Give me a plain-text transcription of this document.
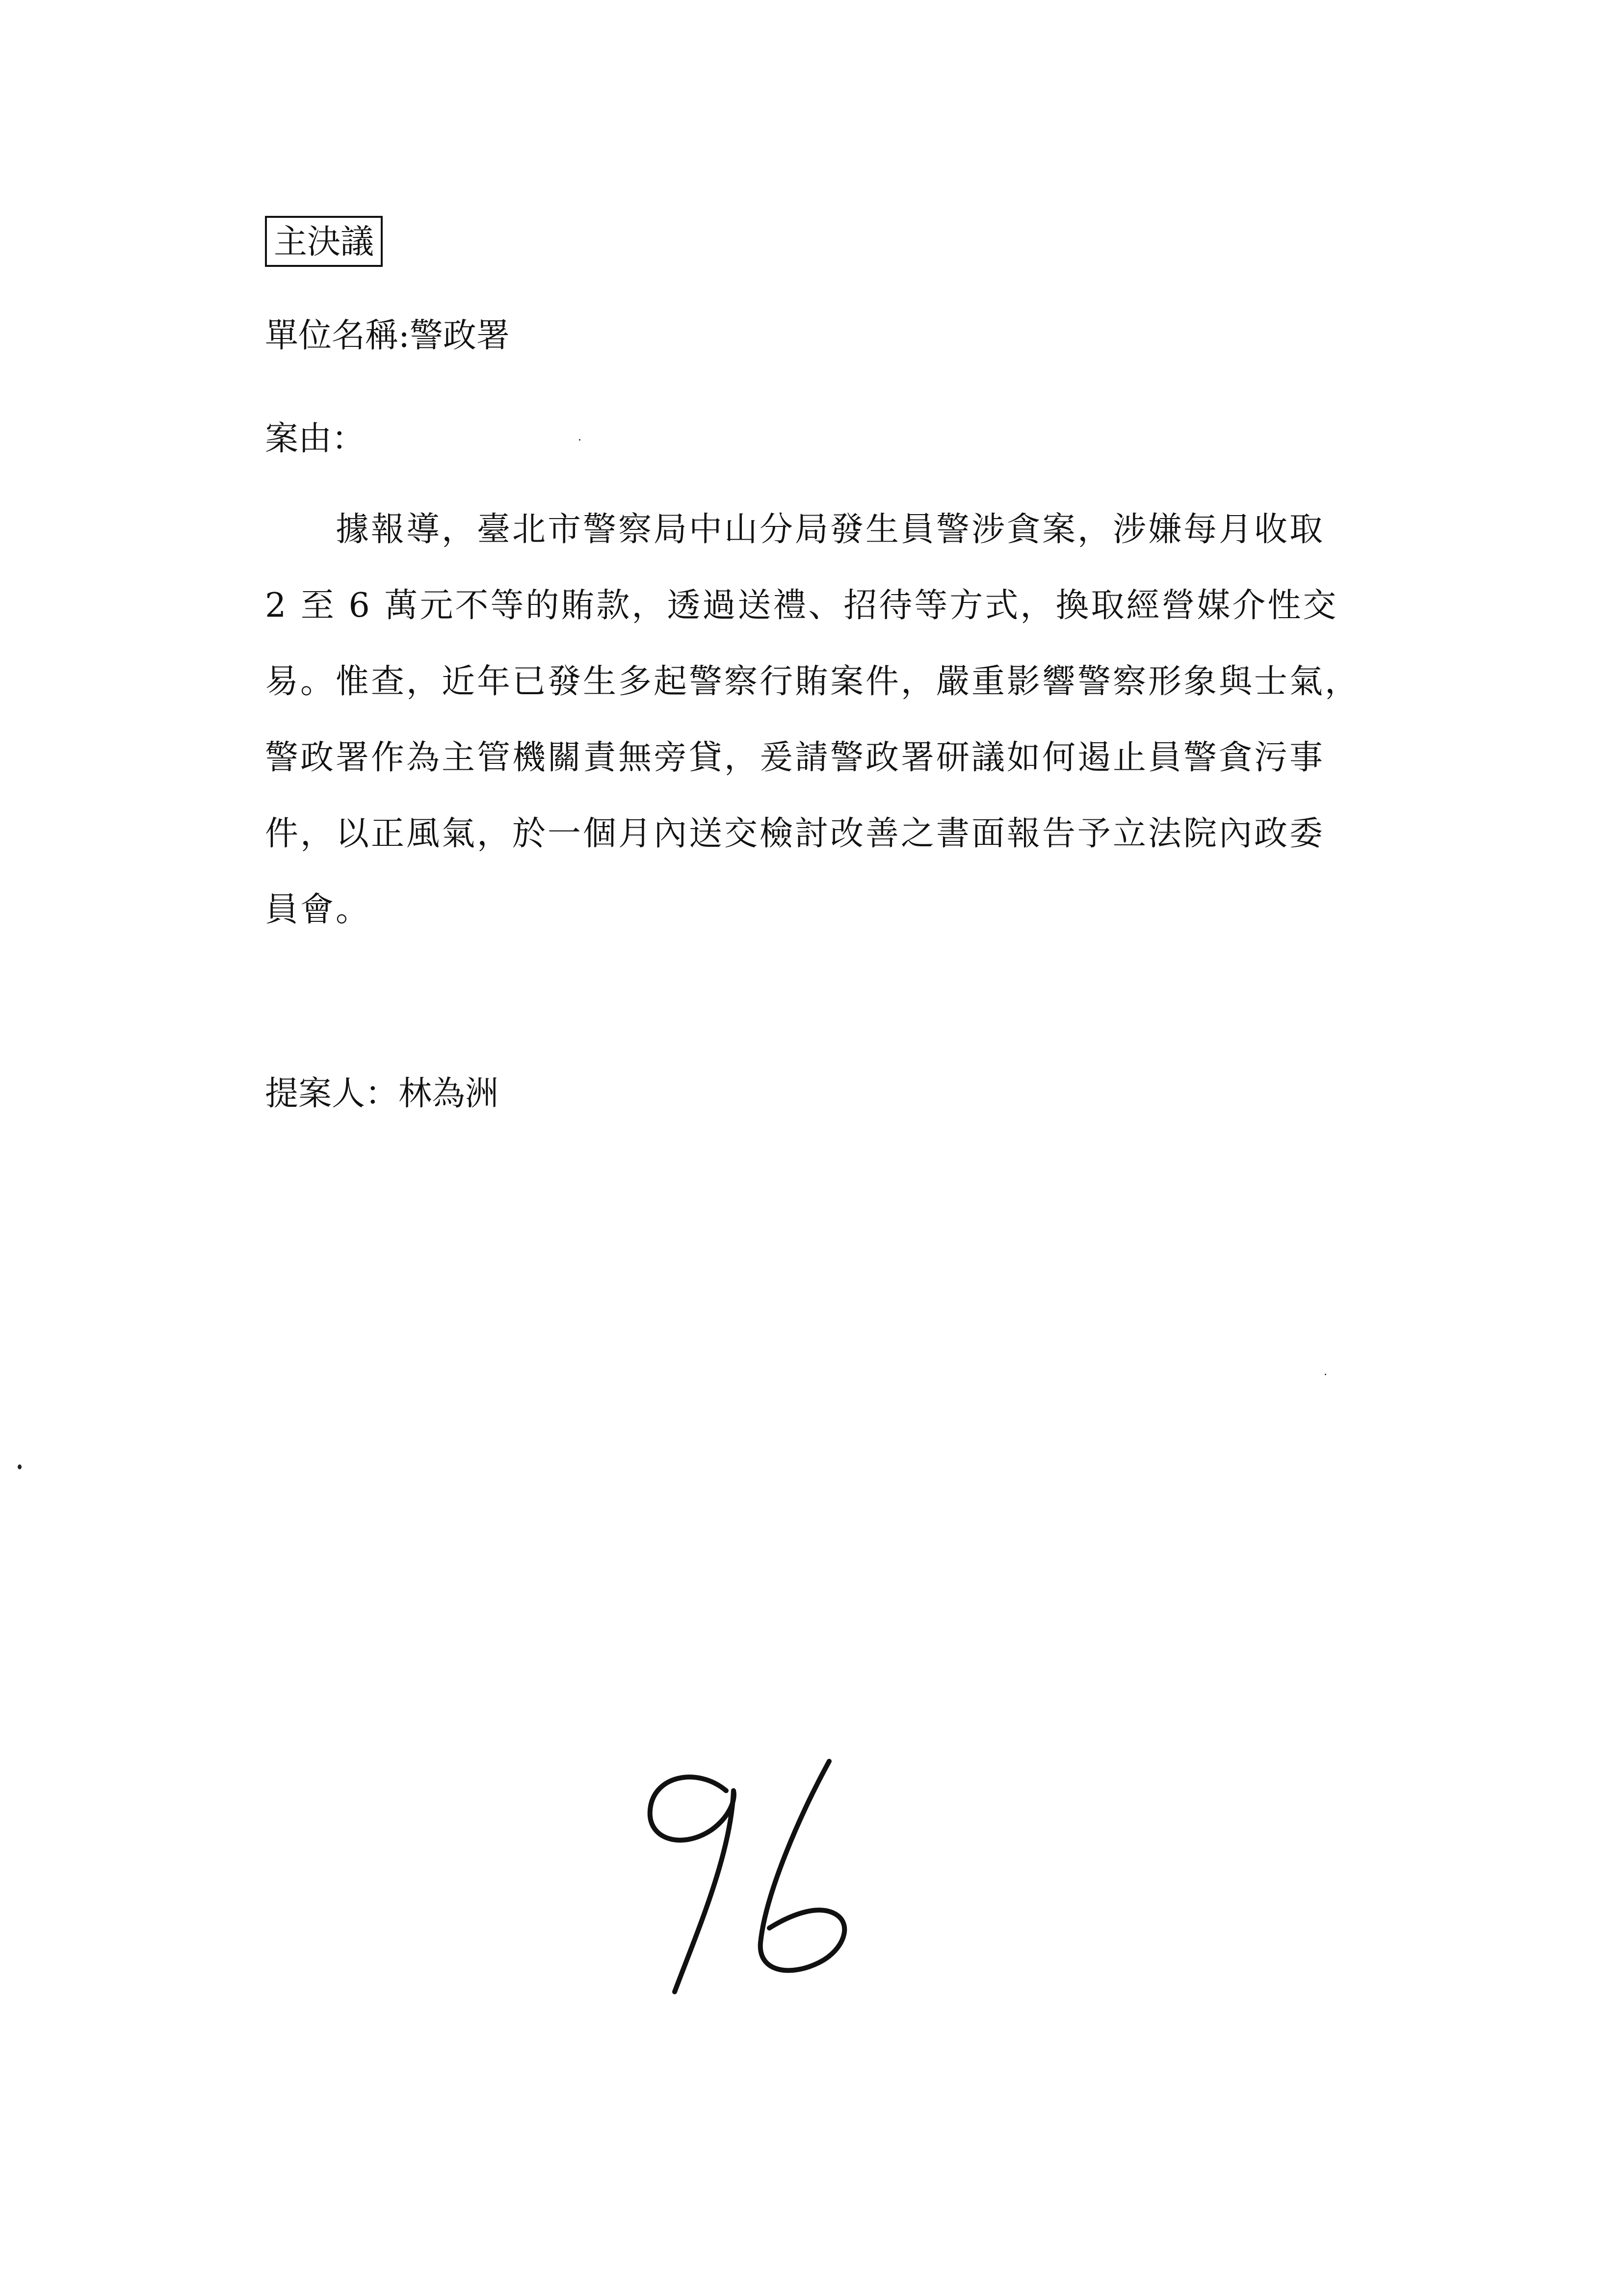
主決議
單位名稱:警政署
案由：
　　據報導，臺北市警察局中山分局發生員警涉貪案，涉嫌每月收取
2 至 6 萬元不等的賄款，透過送禮、招待等方式，換取經營媒介性交
易。惟查，近年已發生多起警察行賄案件，嚴重影響警察形象與士氣，
警政署作為主管機關責無旁貸，爰請警政署研議如何遏止員警貪污事
件，以正風氣，於一個月內送交檢討改善之書面報告予立法院內政委
員會。
提案人：林為洲
